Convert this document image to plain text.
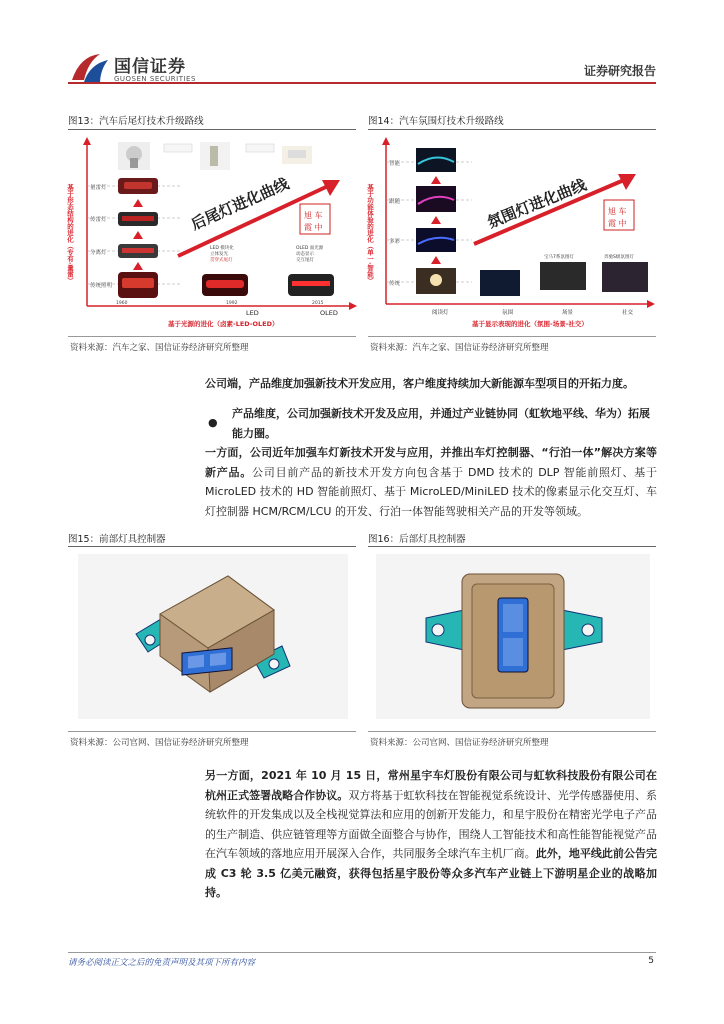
国信证券
GUOSEN SECURITIES
证券研究报告
图13：汽车后尾灯技术升级路线
量雷灯
传雷灯
分离灯
传统照明
LED 模块化
立体发光
贯穿式尾灯
OLED 面光源
动态显示
交互尾灯
后尾灯进化曲线 旭 车
霞 中
1960	1992	2015
LED	OLED
基于光源的进化（卤素-LED-OLED）
基于形态结构的进化（专有·量雷）
资料来源：汽车之家、国信证券经济研究所整理
图14：汽车氛围灯技术升级路线
智能
跟随
多彩
传统
宝马7系氛围灯	奔驰S级氛围灯
氛围灯进化曲线 旭 车
霞 中
阅读灯	氛围	场景	社交
基于显示表现的进化（氛围-场景-社交）
基于功能体验的进化（单一·智能）
资料来源：汽车之家、国信证券经济研究所整理
公司端，产品维度加强新技术开发应用，客户维度持续加大新能源车型项目的开拓力度。
●
产品维度，公司加强新技术开发及应用，并通过产业链协同（虹软地平线、华为）拓展能力圈。
一方面，公司近年加强车灯新技术开发与应用，并推出车灯控制器、“行泊一体”解决方案等新产品。公司目前产品的新技术开发方向包含基于 DMD 技术的 DLP 智能前照灯、基于 MicroLED 技术的 HD 智能前照灯、基于 MicroLED/MiniLED 技术的像素显示化交互灯、车灯控制器 HCM/RCM/LCU 的开发、行泊一体智能驾驶相关产品的开发等领域。
图15：前部灯具控制器
资料来源：公司官网、国信证券经济研究所整理
图16：后部灯具控制器
资料来源：公司官网、国信证券经济研究所整理
另一方面，2021 年 10 月 15 日，常州星宇车灯股份有限公司与虹软科技股份有限公司在杭州正式签署战略合作协议。双方将基于虹软科技在智能视觉系统设计、光学传感器使用、系统软件的开发集成以及全栈视觉算法和应用的创新开发能力，和星宇股份在精密光学电子产品的生产制造、供应链管理等方面做全面整合与协作，围绕人工智能技术和高性能智能视觉产品在汽车领域的落地应用开展深入合作，共同服务全球汽车主机厂商。此外，地平线此前公告完成 C3 轮 3.5 亿美元融资，获得包括星宇股份等众多汽车产业链上下游明星企业的战略加持。
请务必阅读正文之后的免责声明及其项下所有内容	5
